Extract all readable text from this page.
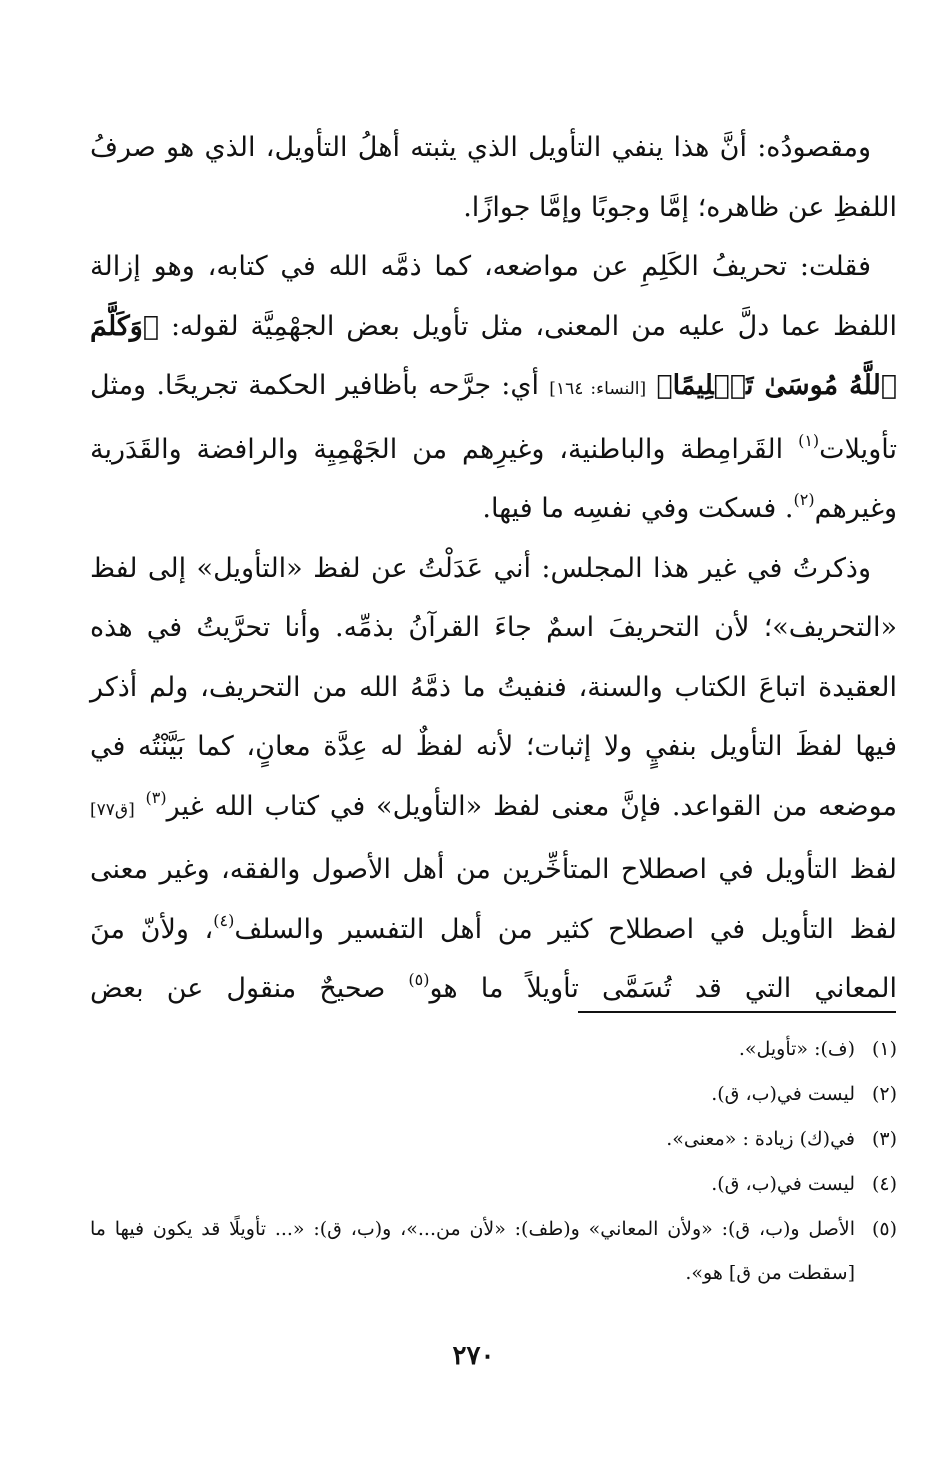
ومقصودُه: أنَّ هذا ينفي التأويل الذي يثبته أهلُ التأويل، الذي هو صرفُ اللفظِ عن ظاهره؛ إمَّا وجوبًا وإمَّا جوازًا.

فقلت: تحريفُ الكَلِمِ عن مواضعه، كما ذمَّه الله في كتابه، وهو إزالة اللفظ عما دلَّ عليه من المعنى، مثل تأويل بعض الجهْمِيَّة لقوله: ﴿وَكَلَّمَ ٱللَّهُ مُوسَىٰ تَكۡلِيمًا﴾ [النساء: ١٦٤] أي: جرَّحه بأظافير الحكمة تجريحًا. ومثل تأويلات$^{(١)}$ القَرامِطة والباطنية، وغيرِهم من الجَهْمِيِة والرافضة والقَدَرية وغيرهم$^{(٢)}$. فسكت وفي نفسِه ما فيها.

وذكرتُ في غير هذا المجلس: أني عَدَلْتُ عن لفظ «التأويل» إلى لفظ «التحريف»؛ لأن التحريفَ اسمٌ جاءَ القرآنُ بذمِّه. وأنا تحرَّيتُ في هذه العقيدة اتباعَ الكتاب والسنة، فنفيتُ ما ذمَّهُ الله من التحريف، ولم أذكر فيها لفظَ التأويل بنفيٍ ولا إثبات؛ لأنه لفظٌ له عِدَّة معانٍ، كما بَيَّنْتُه في موضعه من القواعد. فإنَّ معنى لفظ «التأويل» في كتاب الله غير$^{(٣)}$ [ق٧٧] لفظ التأويل في اصطلاح المتأخِّرين من أهل الأصول والفقه، وغير معنى لفظ التأويل في اصطلاح كثير من أهل التفسير والسلف$^{(٤)}$، ولأنّ منَ المعاني التي قد تُسَمَّى تأويلاً ما هو$^{(٥)}$ صحيحٌ منقول عن بعض

(١)
(ف): «تأويل».
(٢)
ليست في(ب، ق).
(٣)
في(ك) زيادة : «معنى».
(٤)
ليست في(ب، ق).
(٥)
الأصل و(ب، ق): «ولأن المعاني» و(طف): «لأن من...»، و(ب، ق): «... تأويلًا قد يكون فيها ما [سقطت من ق] هو».
٢٧٠
